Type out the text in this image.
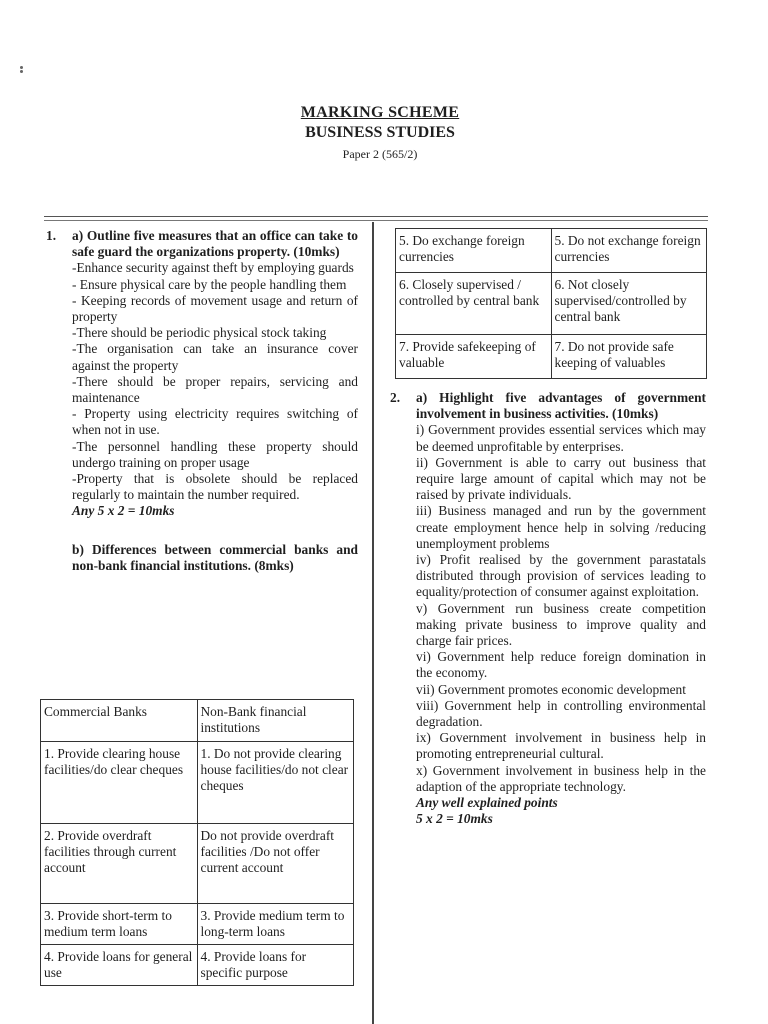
MARKING SCHEME
BUSINESS STUDIES
Paper 2 (565/2)
1.	a) Outline five measures that an office can take to safe guard the organizations property. (10mks)

-Enhance security against theft by employing guards

- Ensure physical care by the people handling them

- Keeping records of movement usage and return of property

-There should be periodic physical stock taking

-The organisation can take an insurance cover against the property

-There should be proper repairs, servicing and maintenance

- Property using electricity requires switching of when not in use.

-The personnel handling these property should undergo training on proper usage

-Property that is obsolete should be replaced regularly to maintain the number required.

Any 5 x 2 = 10mks
b) Differences between commercial banks and non-bank financial institutions. (8mks)
Commercial Banks	Non-Bank financial institutions
1. Provide clearing house facilities/do clear cheques	1. Do not provide clearing house facilities/do not clear cheques
2. Provide overdraft facilities through current account	Do not provide overdraft facilities /Do not offer current account
3. Provide short-term to medium term loans	3. Provide medium term to long-term loans
4. Provide loans for general use	4. Provide loans for specific purpose
5. Do exchange foreign currencies	5. Do not exchange foreign currencies
6. Closely supervised / controlled by central bank	6. Not closely supervised/controlled by central bank
7. Provide safekeeping of valuable	7. Do not provide safe keeping of valuables
2.	a) Highlight five advantages of government involvement in business activities. (10mks)

i) Government provides essential services which may be deemed unprofitable by enterprises.

ii) Government is able to carry out business that require large amount of capital which may not be raised by private individuals.

iii) Business managed and run by the government create employment hence help in solving /reducing unemployment problems

iv) Profit realised by the government parastatals distributed through provision of services leading to equality/protection of consumer against exploitation.

v) Government run business create competition making private business to improve quality and charge fair prices.

vi) Government help reduce foreign domination in the economy.

vii) Government promotes economic development

viii) Government help in controlling environmental degradation.

ix) Government involvement in business help in promoting entrepreneurial cultural.

x) Government involvement in business help in the adaption of the appropriate technology.

Any well explained points
5 x 2 = 10mks
